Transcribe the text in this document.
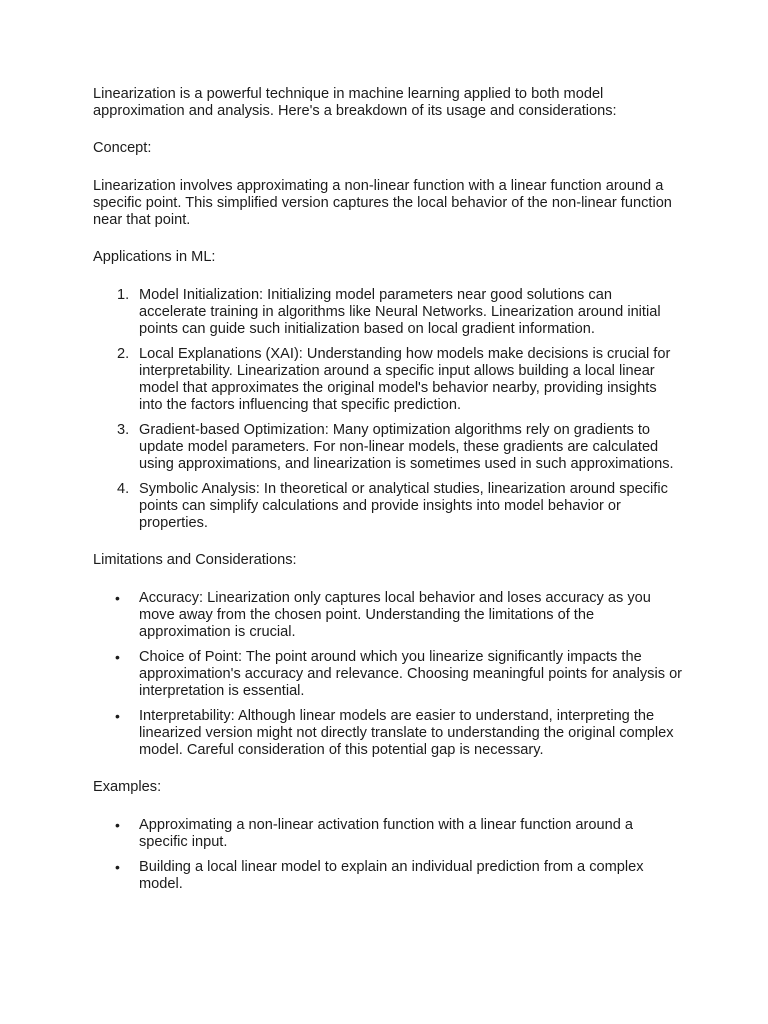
Linearization is a powerful technique in machine learning applied to both model approximation and analysis. Here's a breakdown of its usage and considerations:

Concept:

Linearization involves approximating a non-linear function with a linear function around a specific point. This simplified version captures the local behavior of the non-linear function near that point.

Applications in ML:

1. Model Initialization: Initializing model parameters near good solutions can accelerate training in algorithms like Neural Networks. Linearization around initial points can guide such initialization based on local gradient information.
2. Local Explanations (XAI): Understanding how models make decisions is crucial for interpretability. Linearization around a specific input allows building a local linear model that approximates the original model's behavior nearby, providing insights into the factors influencing that specific prediction.
3. Gradient-based Optimization: Many optimization algorithms rely on gradients to update model parameters. For non-linear models, these gradients are calculated using approximations, and linearization is sometimes used in such approximations.
4. Symbolic Analysis: In theoretical or analytical studies, linearization around specific points can simplify calculations and provide insights into model behavior or properties.

Limitations and Considerations:

• Accuracy: Linearization only captures local behavior and loses accuracy as you move away from the chosen point. Understanding the limitations of the approximation is crucial.
• Choice of Point: The point around which you linearize significantly impacts the approximation's accuracy and relevance. Choosing meaningful points for analysis or interpretation is essential.
• Interpretability: Although linear models are easier to understand, interpreting the linearized version might not directly translate to understanding the original complex model. Careful consideration of this potential gap is necessary.

Examples:

• Approximating a non-linear activation function with a linear function around a specific input.
• Building a local linear model to explain an individual prediction from a complex model.
